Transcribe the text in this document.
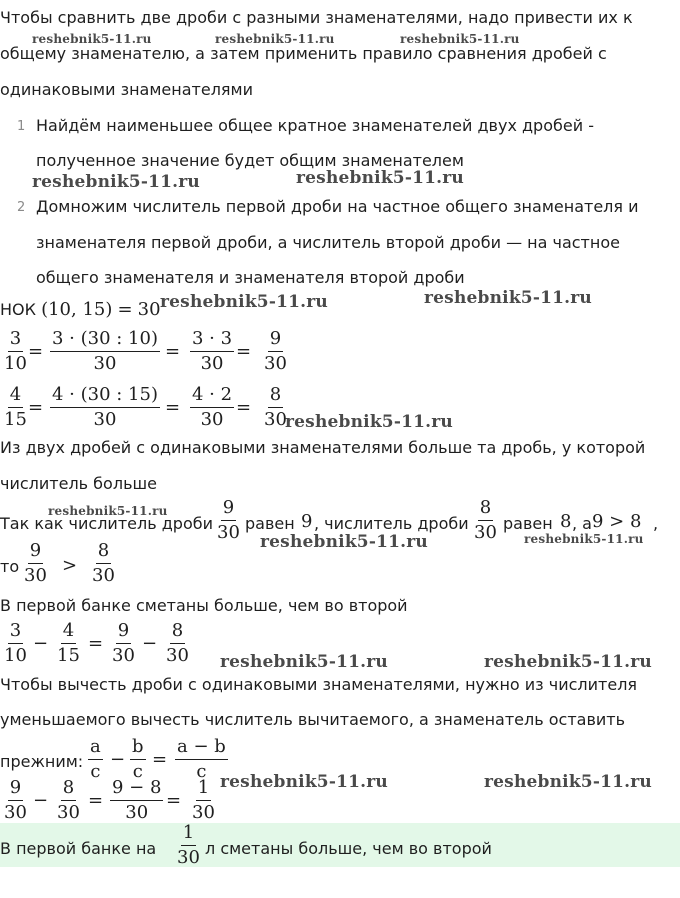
Чтобы сравнить две дроби с разными знаменателями, надо привести их к
общему знаменателю, а затем применить правило сравнения дробей с
одинаковыми знаменателями
1 Найдём наименьшее общее кратное знаменателей двух дробей -
полученное значение будет общим знаменателем
2 Домножим числитель первой дроби на частное общего знаменателя и
знаменателя первой дроби, а числитель второй дроби — на частное
общего знаменателя и знаменателя второй дроби
НОК (10, 15) = 30
$\frac{3}{10} = \frac{3 \cdot (30 : 10)}{30} = \frac{3 \cdot 3}{30} = \frac{9}{30}$
$\frac{4}{15} = \frac{4 \cdot (30 : 15)}{30} = \frac{4 \cdot 2}{30} = \frac{8}{30}$
Из двух дробей с одинаковыми знаменателями больше та дробь, у которой
числитель больше
Так как числитель дроби $\frac{9}{30}$ равен 9 , числитель дроби $\frac{8}{30}$ равен 8 , а 9 > 8 ,
то $\frac{9}{30} > \frac{8}{30}$
В первой банке сметаны больше, чем во второй
$\frac{3}{10} - \frac{4}{15} = \frac{9}{30} - \frac{8}{30}$
Чтобы вычесть дроби с одинаковыми знаменателями, нужно из числителя
уменьшаемого вычесть числитель вычитаемого, а знаменатель оставить
прежним: $\frac{a}{c} - \frac{b}{c} = \frac{a - b}{c}$
$\frac{9}{30} - \frac{8}{30} = \frac{9 - 8}{30} = \frac{1}{30}$
В первой банке на $\frac{1}{30}$ л сметаны больше, чем во второй
reshebnik5-11.ru	reshebnik5-11.ru	reshebnik5-11.ru
reshebnik5-11.ru	reshebnik5-11.ru
reshebnik5-11.ru	reshebnik5-11.ru
reshebnik5-11.ru
reshebnik5-11.ru
reshebnik5-11.ru	reshebnik5-11.ru
reshebnik5-11.ru	reshebnik5-11.ru
reshebnik5-11.ru	reshebnik5-11.ru
